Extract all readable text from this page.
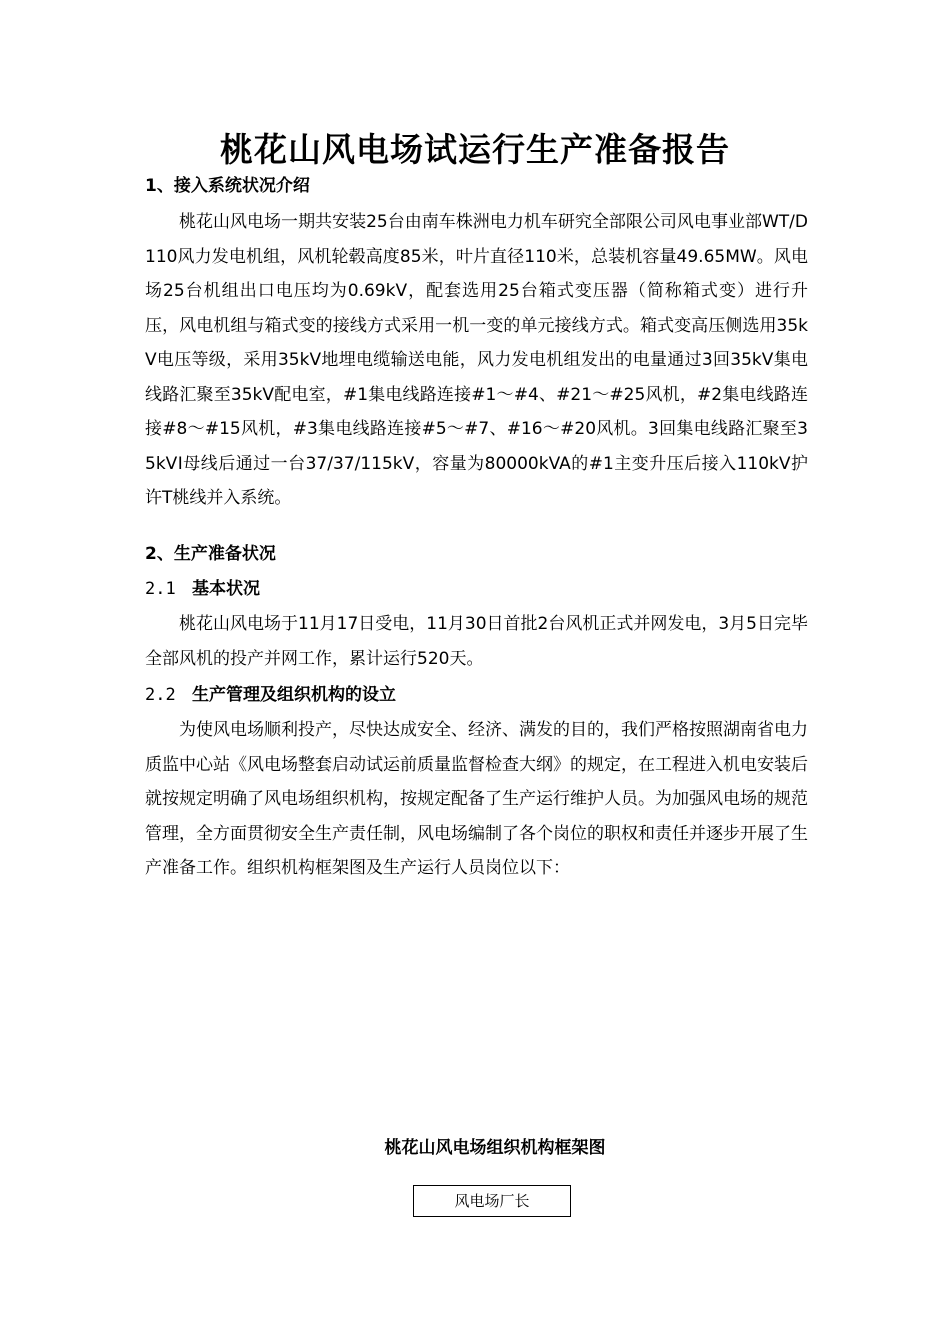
桃花山风电场试运行生产准备报告
1、接入系统状况介绍
桃花山风电场一期共安装25台由南车株洲电力机车研究全部限公司风电事业部WT/D110风力发电机组，风机轮毂高度85米，叶片直径110米，总装机容量49.65MW。风电场25台机组出口电压均为0.69kV，配套选用25台箱式变压器（简称箱式变）进行升压，风电机组与箱式变的接线方式采用一机一变的单元接线方式。箱式变高压侧选用35kV电压等级，采用35kV地埋电缆输送电能，风力发电机组发出的电量通过3回35kV集电线路汇聚至35kV配电室，#1集电线路连接#1～#4、#21～#25风机，#2集电线路连接#8～#15风机，#3集电线路连接#5～#7、#16～#20风机。3回集电线路汇聚至35kVⅠ母线后通过一台37/37/115kV，容量为80000kVA的#1主变升压后接入110kV护许T桃线并入系统。
2、生产准备状况
2.1 基本状况
桃花山风电场于11月17日受电，11月30日首批2台风机正式并网发电，3月5日完毕全部风机的投产并网工作，累计运行520天。
2.2 生产管理及组织机构的设立
为使风电场顺利投产，尽快达成安全、经济、满发的目的，我们严格按照湖南省电力质监中心站《风电场整套启动试运前质量监督检查大纲》的规定，在工程进入机电安装后就按规定明确了风电场组织机构，按规定配备了生产运行维护人员。为加强风电场的规范管理，全方面贯彻安全生产责任制，风电场编制了各个岗位的职权和责任并逐步开展了生产准备工作。组织机构框架图及生产运行人员岗位以下：
桃花山风电场组织机构框架图
风电场厂长
